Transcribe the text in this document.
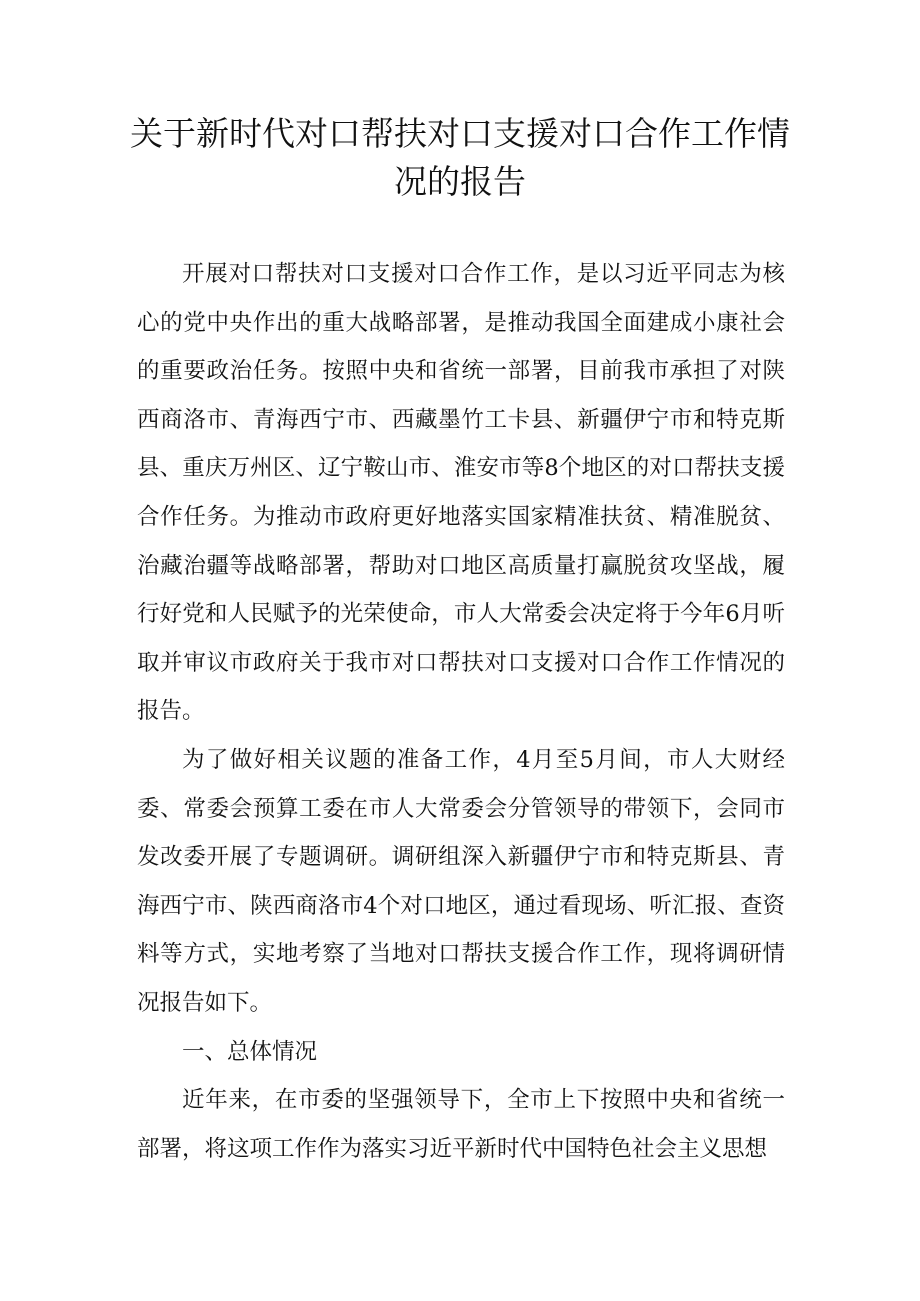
关于新时代对口帮扶对口支援对口合作工作情况的报告

开展对口帮扶对口支援对口合作工作，是以习近平同志为核心的党中央作出的重大战略部署，是推动我国全面建成小康社会的重要政治任务。按照中央和省统一部署，目前我市承担了对陕西商洛市、青海西宁市、西藏墨竹工卡县、新疆伊宁市和特克斯县、重庆万州区、辽宁鞍山市、淮安市等8个地区的对口帮扶支援合作任务。为推动市政府更好地落实国家精准扶贫、精准脱贫、治藏治疆等战略部署，帮助对口地区高质量打赢脱贫攻坚战，履行好党和人民赋予的光荣使命，市人大常委会决定将于今年6月听取并审议市政府关于我市对口帮扶对口支援对口合作工作情况的报告。

为了做好相关议题的准备工作，4月至5月间，市人大财经委、常委会预算工委在市人大常委会分管领导的带领下，会同市发改委开展了专题调研。调研组深入新疆伊宁市和特克斯县、青海西宁市、陕西商洛市4个对口地区，通过看现场、听汇报、查资料等方式，实地考察了当地对口帮扶支援合作工作，现将调研情况报告如下。

一、总体情况

近年来，在市委的坚强领导下，全市上下按照中央和省统一部署，将这项工作作为落实习近平新时代中国特色社会主义思想
